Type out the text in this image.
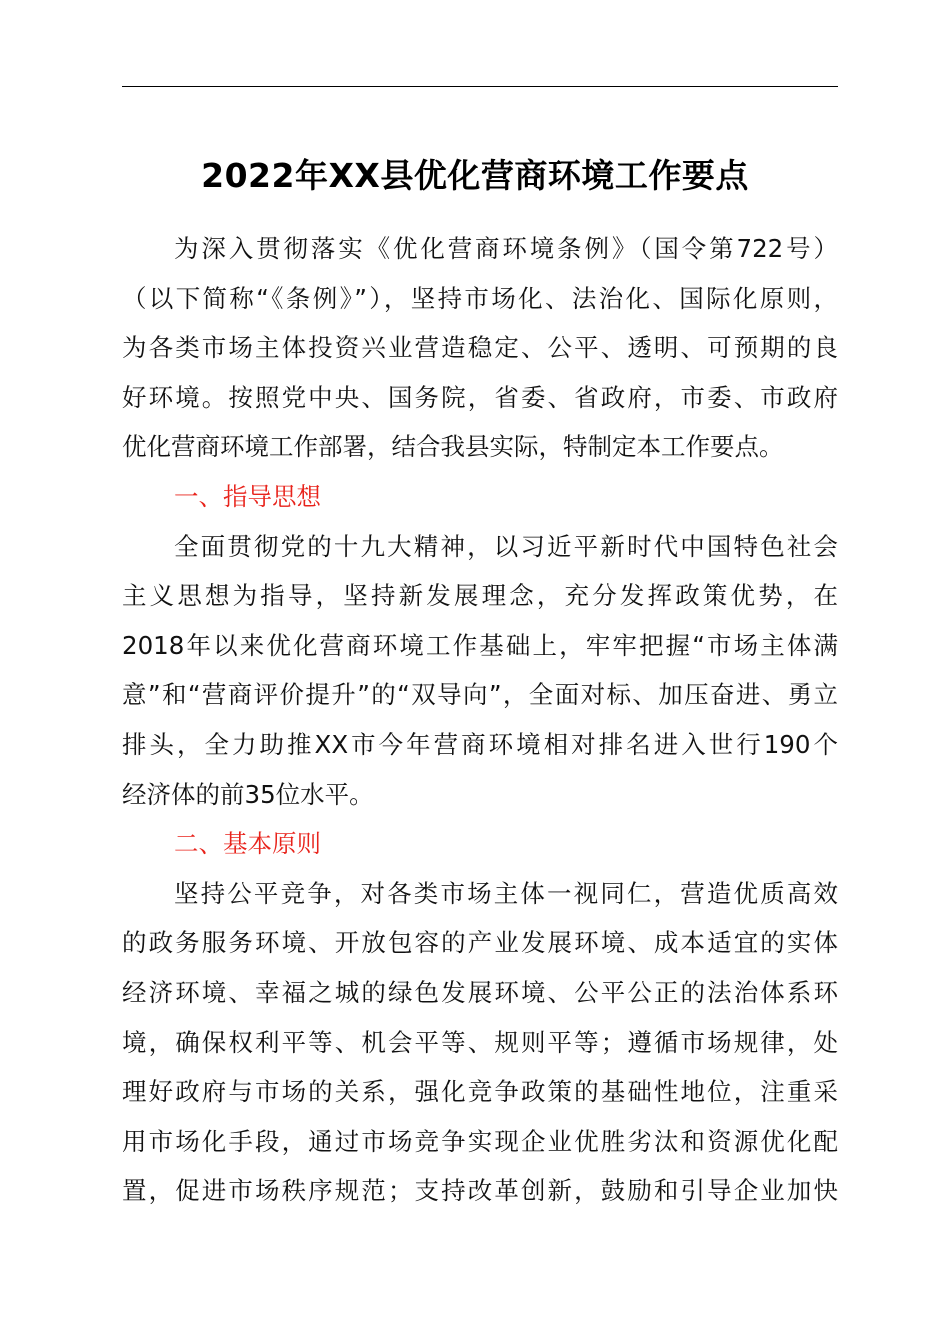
2022年XX县优化营商环境工作要点
为深入贯彻落实《优化营商环境条例》（国令第722号）
（以下简称“《条例》”），坚持市场化、法治化、国际化原则，
为各类市场主体投资兴业营造稳定、公平、透明、可预期的良
好环境。按照党中央、国务院，省委、省政府，市委、市政府
优化营商环境工作部署，结合我县实际，特制定本工作要点。
一、指导思想
全面贯彻党的十九大精神，以习近平新时代中国特色社会
主义思想为指导，坚持新发展理念，充分发挥政策优势，在
2018年以来优化营商环境工作基础上，牢牢把握“市场主体满
意”和“营商评价提升”的“双导向”，全面对标、加压奋进、勇立
排头，全力助推XX市今年营商环境相对排名进入世行190个
经济体的前35位水平。
二、基本原则
坚持公平竞争，对各类市场主体一视同仁，营造优质高效
的政务服务环境、开放包容的产业发展环境、成本适宜的实体
经济环境、幸福之城的绿色发展环境、公平公正的法治体系环
境，确保权利平等、机会平等、规则平等；遵循市场规律，处
理好政府与市场的关系，强化竞争政策的基础性地位，注重采
用市场化手段，通过市场竞争实现企业优胜劣汰和资源优化配
置，促进市场秩序规范；支持改革创新，鼓励和引导企业加快
